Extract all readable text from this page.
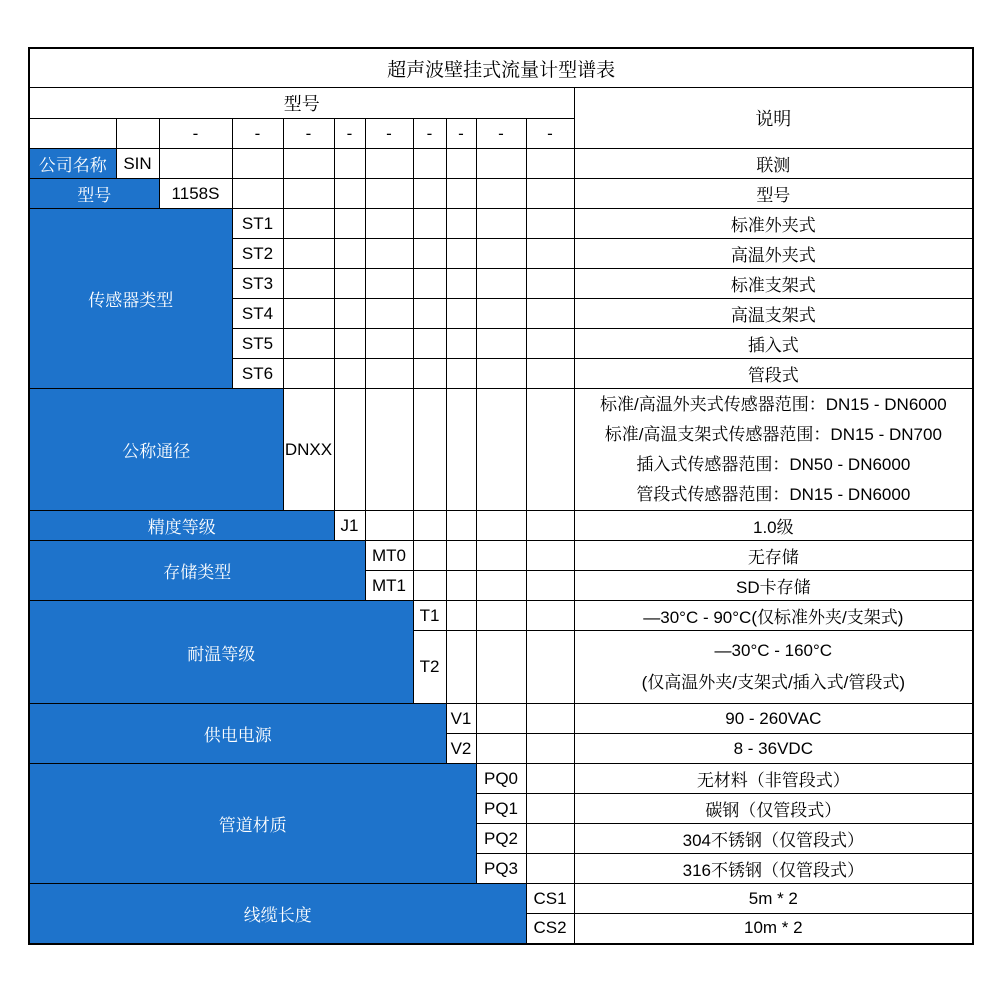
超声波壁挂式流量计型谱表											
型号											说明
		-	-	-	-	-	-	-	-	-	
公司名称	SIN										联测
型号		1158S									型号
传感器类型			ST1								标准外夹式
			ST2								高温外夹式
			ST3								标准支架式
			ST4								高温支架式
			ST5								插入式
			ST6								管段式
公称通径				DNXX							标准/高温外夹式传感器范围：DN15 - DN6000
标准/高温支架式传感器范围：DN15 - DN700
插入式传感器范围：DN50 - DN6000
管段式传感器范围：DN15 - DN6000

精度等级					J1						1.0级
存储类型						MT0					无存储
						MT1					SD卡存储
耐温等级							T1				—30°C - 90°C(仅标准外夹/支架式)
							T2				—30°C - 160°C
(仅高温外夹/支架式/插入式/管段式)

供电电源								V1			90 - 260VAC
								V2			8 - 36VDC
管道材质									PQ0		无材料（非管段式）
									PQ1		碳钢（仅管段式）
									PQ2		304不锈钢（仅管段式）
									PQ3		316不锈钢（仅管段式）
线缆长度										CS1	5m * 2
										CS2	10m * 2
